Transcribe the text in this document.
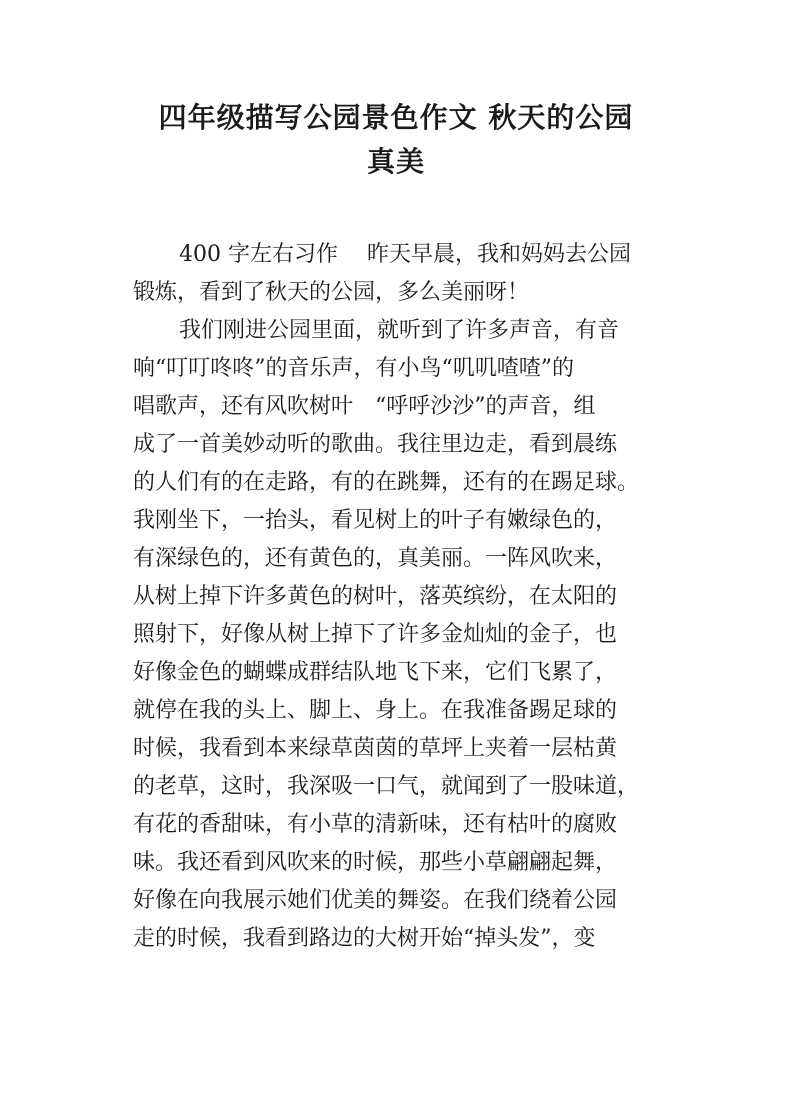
四年级描写公园景色作文 秋天的公园
真美
400 字左右习作　 昨天早晨，我和妈妈去公园
锻炼，看到了秋天的公园，多么美丽呀！
我们刚进公园里面，就听到了许多声音，有音
响“叮叮咚咚”的音乐声，有小鸟“叽叽喳喳”的
唱歌声，还有风吹树叶　“呼呼沙沙”的声音，组
成了一首美妙动听的歌曲。我往里边走，看到晨练
的人们有的在走路，有的在跳舞，还有的在踢足球。
我刚坐下，一抬头，看见树上的叶子有嫩绿色的，
有深绿色的，还有黄色的，真美丽。一阵风吹来，
从树上掉下许多黄色的树叶，落英缤纷，在太阳的
照射下，好像从树上掉下了许多金灿灿的金子，也
好像金色的蝴蝶成群结队地飞下来，它们飞累了，
就停在我的头上、脚上、身上。在我准备踢足球的
时候，我看到本来绿草茵茵的草坪上夹着一层枯黄
的老草，这时，我深吸一口气，就闻到了一股味道，
有花的香甜味，有小草的清新味，还有枯叶的腐败
味。我还看到风吹来的时候，那些小草翩翩起舞，
好像在向我展示她们优美的舞姿。在我们绕着公园
走的时候，我看到路边的大树开始“掉头发”，变
